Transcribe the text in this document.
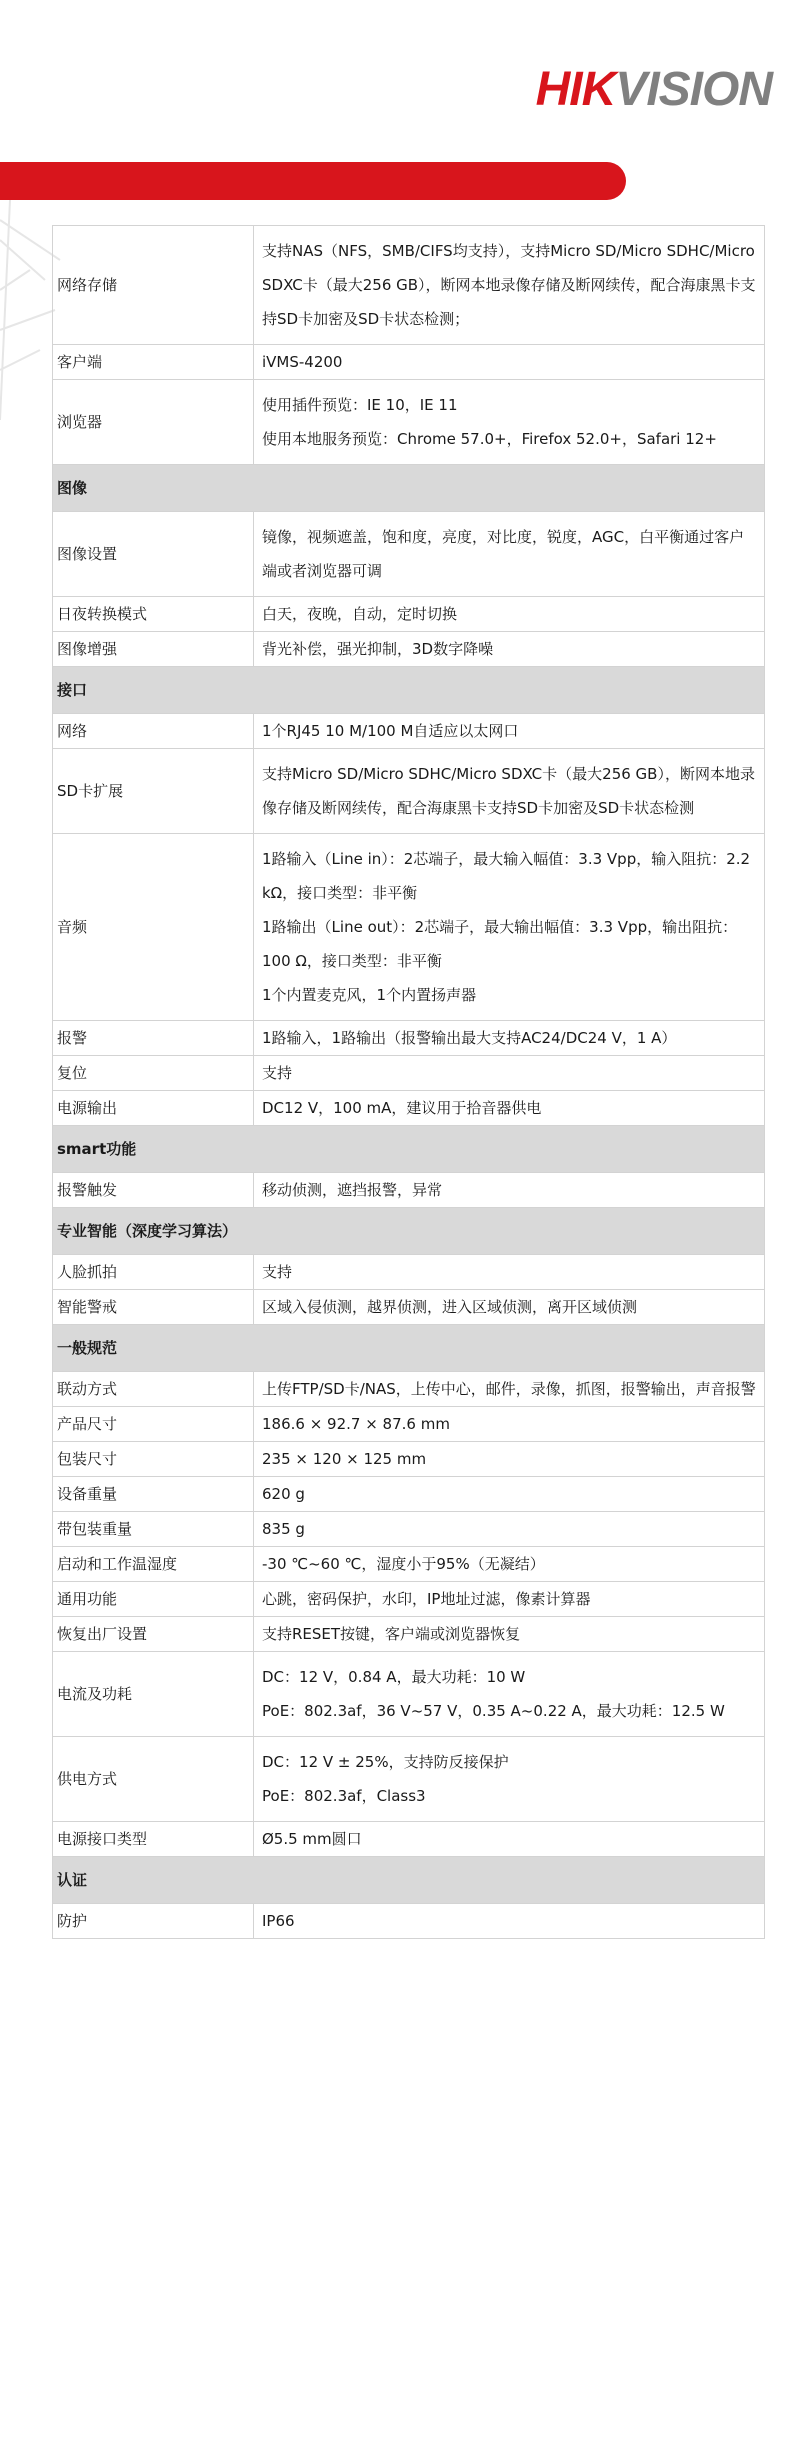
HIKVISION
网络存储	支持NAS（NFS，SMB/CIFS均支持），支持Micro SD/Micro SDHC/Micro SDXC卡（最大256 GB），断网本地录像存储及断网续传，配合海康黑卡支持SD卡加密及SD卡状态检测；

客户端	iVMS-4200

浏览器	使用插件预览：IE 10，IE 11
使用本地服务预览：Chrome 57.0+，Firefox 52.0+，Safari 12+

图像	
图像设置	镜像，视频遮盖，饱和度，亮度，对比度，锐度，AGC，白平衡通过客户端或者浏览器可调

日夜转换模式	白天，夜晚，自动，定时切换

图像增强	背光补偿，强光抑制，3D数字降噪

接口	
网络	1个RJ45 10 M/100 M自适应以太网口

SD卡扩展	支持Micro SD/Micro SDHC/Micro SDXC卡（最大256 GB），断网本地录像存储及断网续传，配合海康黑卡支持SD卡加密及SD卡状态检测

音频	1路输入（Line in）：2芯端子，最大输入幅值：3.3 Vpp，输入阻抗：2.2 kΩ，接口类型：非平衡
1路输出（Line out）：2芯端子，最大输出幅值：3.3 Vpp，输出阻抗：100 Ω，接口类型：非平衡
1个内置麦克风，1个内置扬声器

报警	1路输入，1路输出（报警输出最大支持AC24/DC24 V，1 A）

复位	支持

电源输出	DC12 V，100 mA，建议用于拾音器供电

smart功能	
报警触发	移动侦测，遮挡报警，异常

专业智能（深度学习算法）	
人脸抓拍	支持

智能警戒	区域入侵侦测，越界侦测，进入区域侦测，离开区域侦测

一般规范	
联动方式	上传FTP/SD卡/NAS，上传中心，邮件，录像，抓图，报警输出，声音报警

产品尺寸	186.6 × 92.7 × 87.6 mm

包装尺寸	235 × 120 × 125 mm

设备重量	620 g

带包装重量	835 g

启动和工作温湿度	-30 ℃~60 ℃，湿度小于95%（无凝结）

通用功能	心跳，密码保护，水印，IP地址过滤，像素计算器

恢复出厂设置	支持RESET按键，客户端或浏览器恢复

电流及功耗	DC：12 V，0.84 A，最大功耗：10 W
PoE：802.3af，36 V~57 V，0.35 A~0.22 A，最大功耗：12.5 W

供电方式	DC：12 V ± 25%，支持防反接保护
PoE：802.3af，Class3

电源接口类型	Ø5.5 mm圆口

认证	
防护	IP66
